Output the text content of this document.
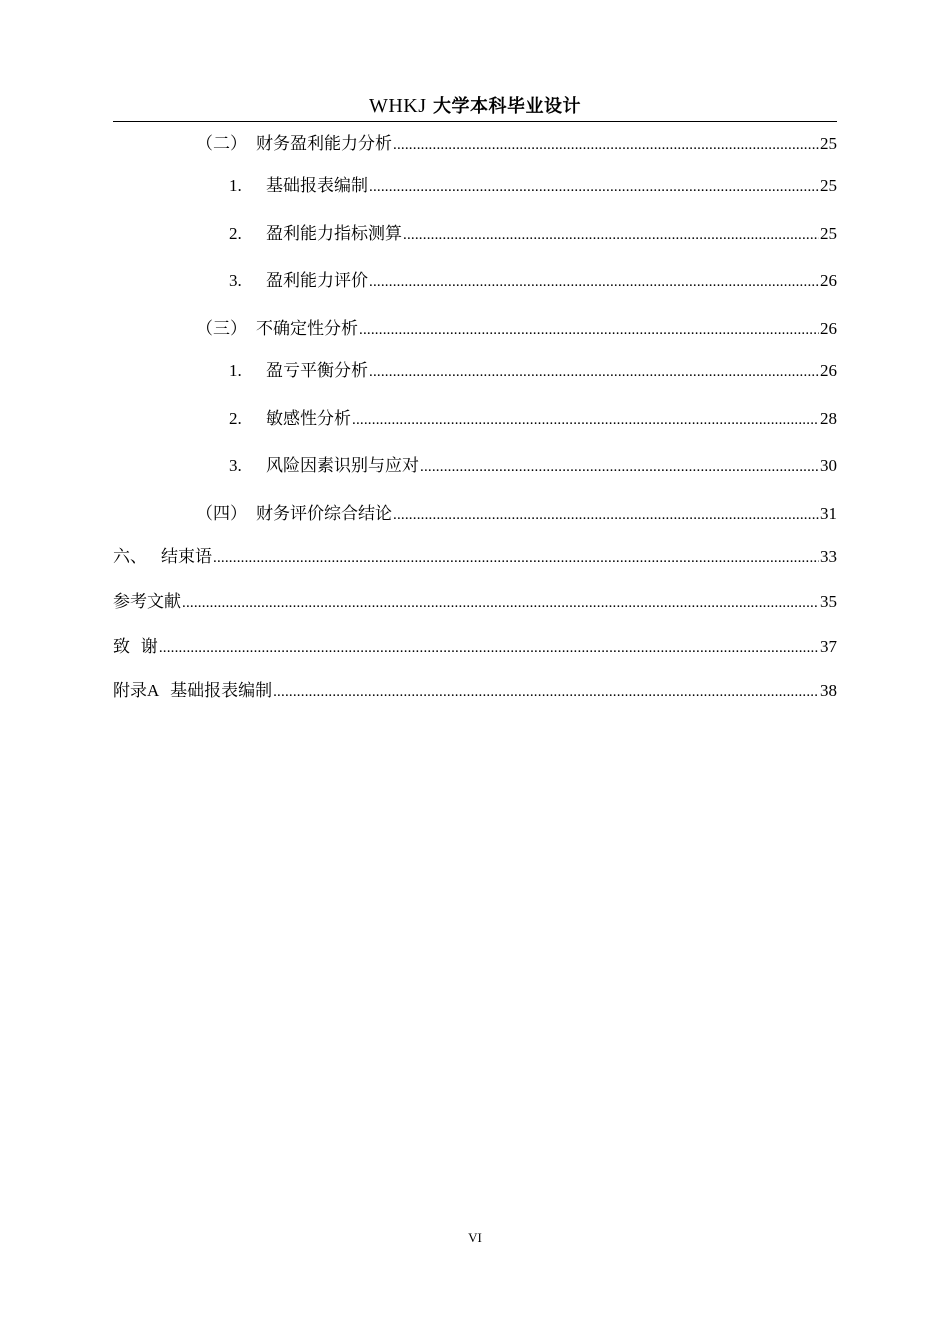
WHKJ 大学本科毕业设计
（二） 财务盈利能力分析 .....	25
1.	基础报表编制 .....	25
2.	盈利能力指标测算 .....	25
3.	盈利能力评价 .....	26
（三） 不确定性分析 .....	26
1.	盈亏平衡分析 .....	26
2.	敏感性分析 .....	28
3.	风险因素识别与应对 .....	30
（四） 财务评价综合结论 .....	31
六、 结束语 .....	33
参考文献 .....	35
致  谢 .....	37
附录A 基础报表编制 .....	38
VI
